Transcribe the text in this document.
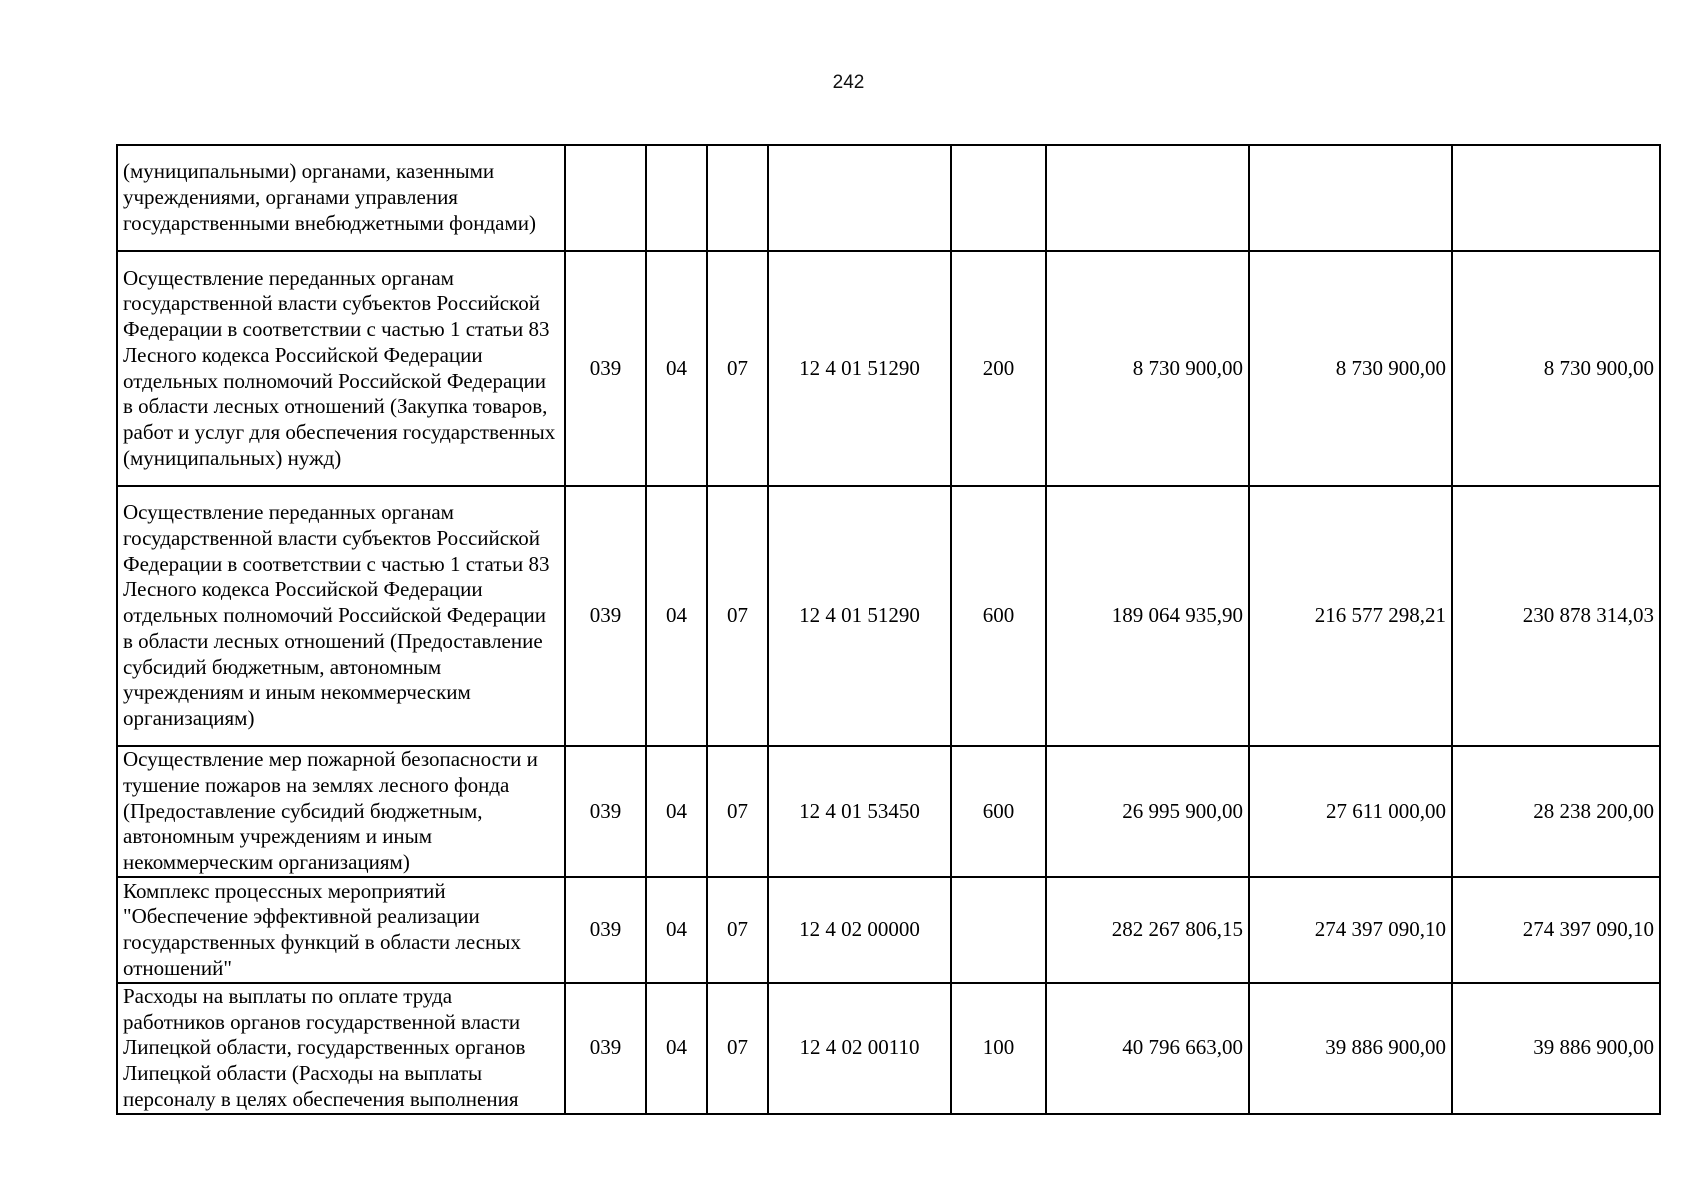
242
(муниципальными) органами, казенными учреждениями, органами управления государственными внебюджетными фондами)								
Осуществление переданных органам государственной власти субъектов Российской Федерации в соответствии с частью 1 статьи 83 Лесного кодекса Российской Федерации отдельных полномочий Российской Федерации в области лесных отношений (Закупка товаров, работ и услуг для обеспечения государственных (муниципальных) нужд)	039	04	07	12 4 01 51290	200	8 730 900,00	8 730 900,00	8 730 900,00
Осуществление переданных органам государственной власти субъектов Российской Федерации в соответствии с частью 1 статьи 83 Лесного кодекса Российской Федерации отдельных полномочий Российской Федерации в области лесных отношений (Предоставление субсидий бюджетным, автономным учреждениям и иным некоммерческим организациям)	039	04	07	12 4 01 51290	600	189 064 935,90	216 577 298,21	230 878 314,03
Осуществление мер пожарной безопасности и тушение пожаров на землях лесного фонда (Предоставление субсидий бюджетным, автономным учреждениям и иным некоммерческим организациям)	039	04	07	12 4 01 53450	600	26 995 900,00	27 611 000,00	28 238 200,00
Комплекс процессных мероприятий "Обеспечение эффективной реализации государственных функций в области лесных отношений"	039	04	07	12 4 02 00000		282 267 806,15	274 397 090,10	274 397 090,10
Расходы на выплаты по оплате труда работников органов государственной власти Липецкой области, государственных органов Липецкой области (Расходы на выплаты персоналу в целях обеспечения выполнения	039	04	07	12 4 02 00110	100	40 796 663,00	39 886 900,00	39 886 900,00
